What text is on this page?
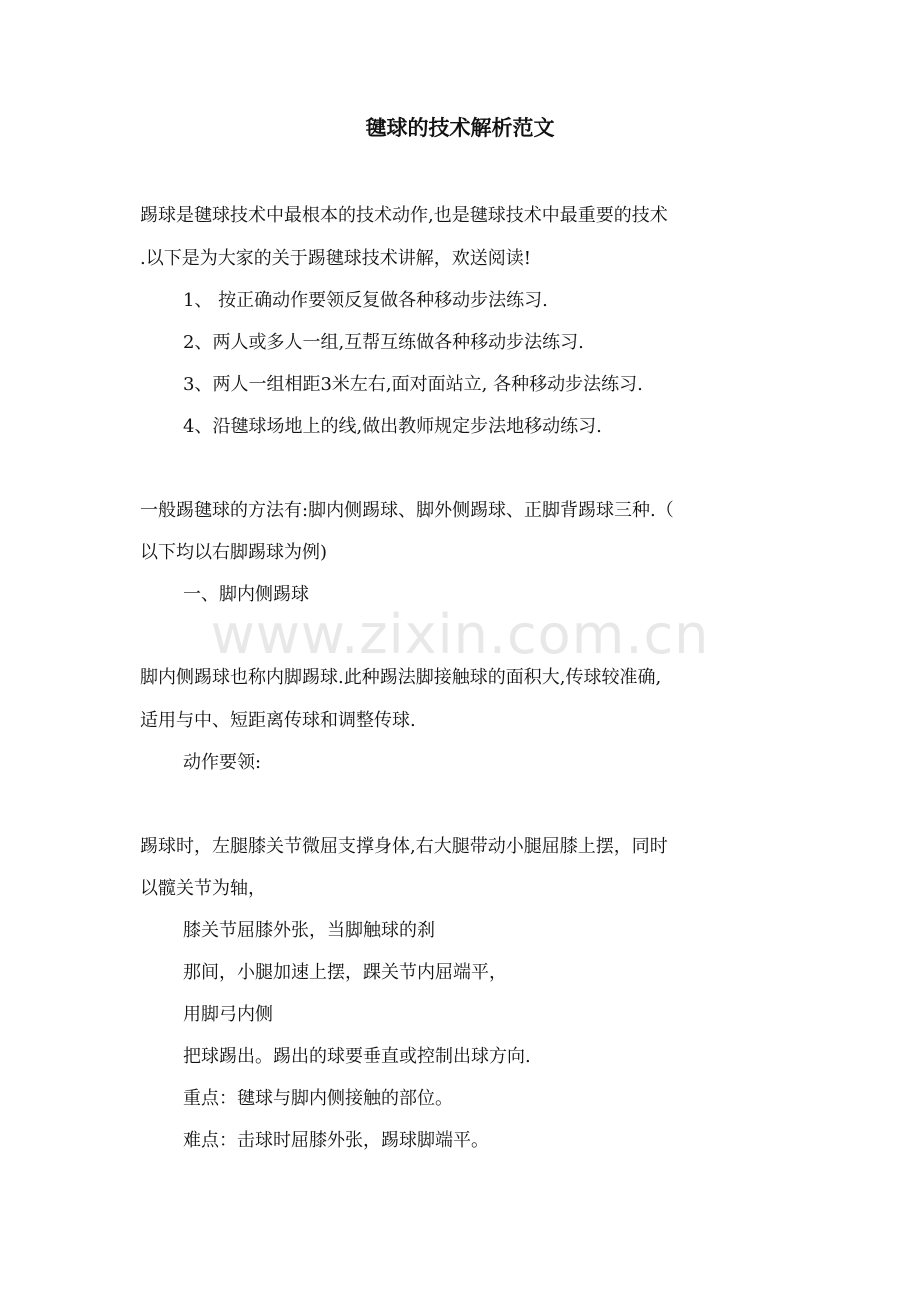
毽球的技术解析范文
踢球是毽球技术中最根本的技术动作,也是毽球技术中最重要的技术
.以下是为大家的关于踢毽球技术讲解，欢送阅读!
1、 按正确动作要领反复做各种移动步法练习.
2、两人或多人一组,互帮互练做各种移动步法练习.
3、两人一组相距3米左右,面对面站立, 各种移动步法练习.
4、沿毽球场地上的线,做出教师规定步法地移动练习.
一般踢毽球的方法有:脚内侧踢球、脚外侧踢球、正脚背踢球三种.（
以下均以右脚踢球为例)
一、脚内侧踢球
脚内侧踢球也称内脚踢球.此种踢法脚接触球的面积大,传球较准确,
适用与中、短距离传球和调整传球.
动作要领:
踢球时，左腿膝关节微屈支撑身体,右大腿带动小腿屈膝上摆，同时
以髋关节为轴，
膝关节屈膝外张，当脚触球的刹
那间，小腿加速上摆，踝关节内屈端平，
用脚弓内侧
把球踢出。踢出的球要垂直或控制出球方向.
重点：毽球与脚内侧接触的部位。
难点：击球时屈膝外张，踢球脚端平。
www.zixin.com.cn
